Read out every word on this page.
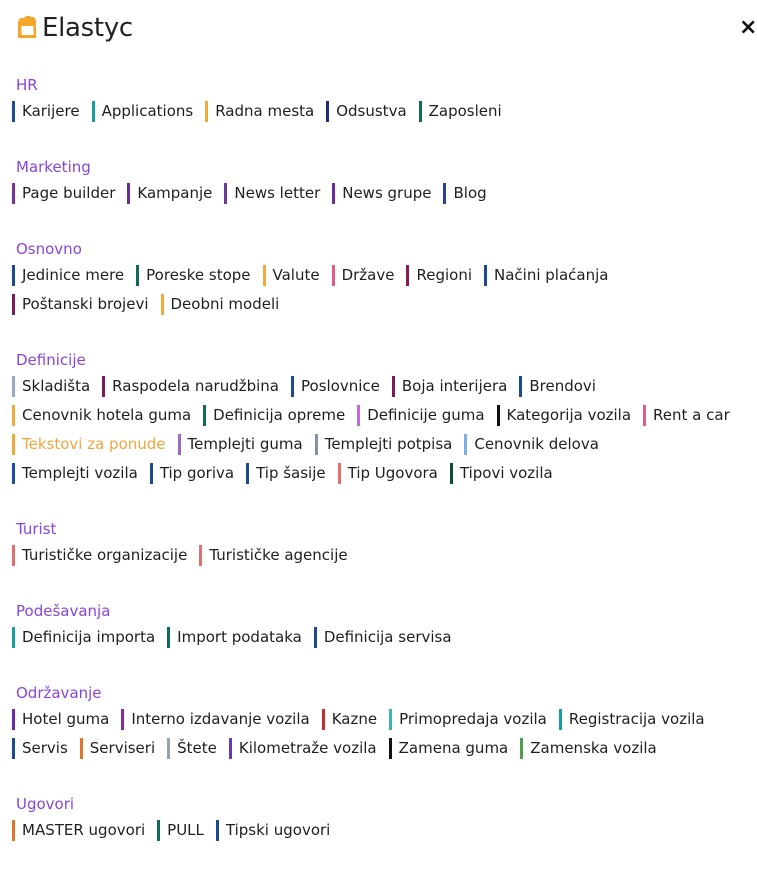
Elastyc	×
HR
Karijere	Applications	Radna mesta	Odsustva	Zaposleni
Marketing
Page builder	Kampanje	News letter	News grupe	Blog
Osnovno
Jedinice mere	Poreske stope	Valute	Države	Regioni	Načini plaćanja
Poštanski brojevi	Deobni modeli
Definicije
Skladišta	Raspodela narudžbina	Poslovnice	Boja interijera	Brendovi
Cenovnik hotela guma	Definicija opreme	Definicije guma	Kategorija vozila	Rent a car
Tekstovi za ponude	Templejti guma	Templejti potpisa	Cenovnik delova
Templejti vozila	Tip goriva	Tip šasije	Tip Ugovora	Tipovi vozila
Turist
Turističke organizacije	Turističke agencije
Podešavanja
Definicija importa	Import podataka	Definicija servisa
Održavanje
Hotel guma	Interno izdavanje vozila	Kazne	Primopredaja vozila	Registracija vozila
Servis	Serviseri	Štete	Kilometraže vozila	Zamena guma	Zamenska vozila
Ugovori
MASTER ugovori	PULL	Tipski ugovori
